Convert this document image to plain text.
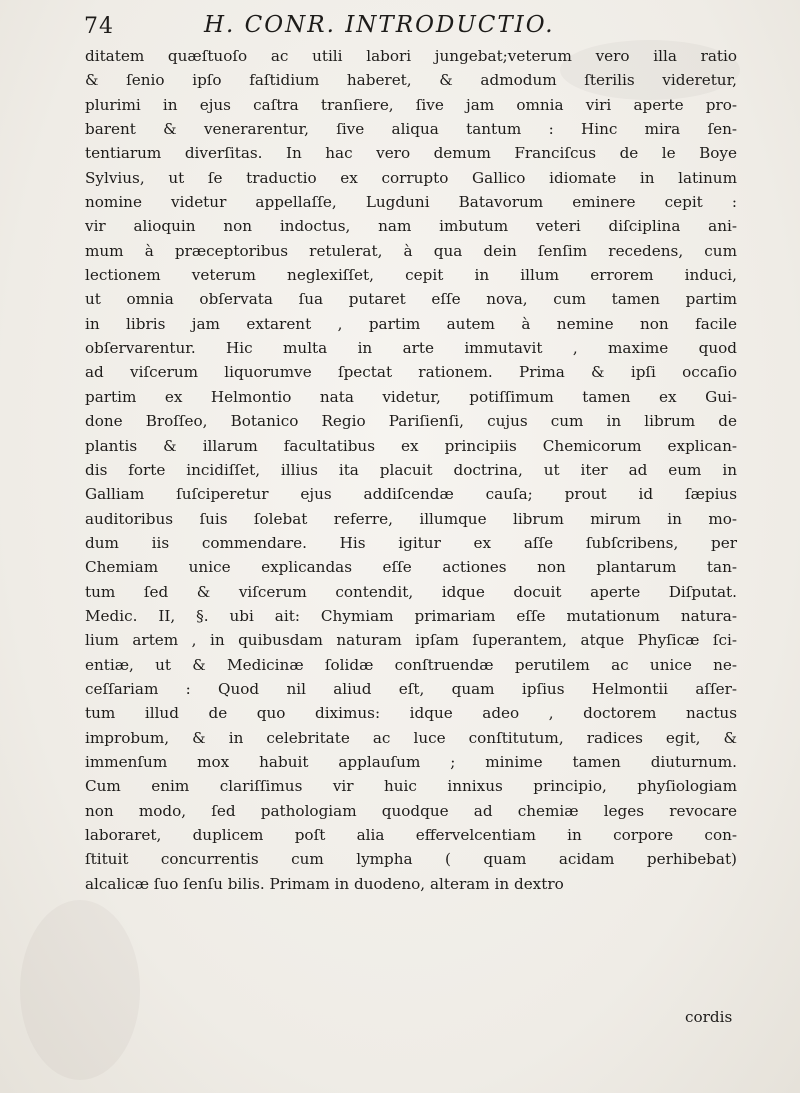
74	H. CONR. INTRODUCTIO.
ditatem quæſtuoſo ac utili labori jungebat;veterum vero illa ratio
& ſenio ipſo faſtidium haberet, & admodum ſterilis videretur,
plurimi in ejus caſtra tranſiere, ſive jam omnia viri aperte pro-
barent & venerarentur, ſive aliqua tantum : Hinc mira ſen-
tentiarum diverſitas. In hac vero demum Franciſcus de le Boye
Sylvius, ut ſe traductio ex corrupto Gallico idiomate in latinum
nomine videtur appellaſſe, Lugduni Batavorum eminere cepit :
vir alioquin non indoctus, nam imbutum veteri diſciplina ani-
mum à præceptoribus retulerat, à qua dein ſenſim recedens, cum
lectionem veterum neglexiſſet, cepit in illum errorem induci,
ut omnia obſervata ſua putaret eſſe nova, cum tamen partim
in libris jam extarent , partim autem à nemine non facile
obſervarentur. Hic multa in arte immutavit , maxime quod
ad viſcerum liquorumve ſpectat rationem. Prima & ipſi occaſio
partim ex Helmontio nata videtur, potiſſimum tamen ex Gui-
done Broſſeo, Botanico Regio Pariſienſi, cujus cum in librum de
plantis & illarum facultatibus ex principiis Chemicorum explican-
dis forte incidiſſet, illius ita placuit doctrina, ut iter ad eum in
Galliam ſuſciperetur ejus addiſcendæ cauſa; prout id ſæpius
auditoribus ſuis ſolebat referre, illumque librum mirum in mo-
dum iis commendare. His igitur ex aſſe ſubſcribens, per
Chemiam unice explicandas eſſe actiones non plantarum tan-
tum ſed & viſcerum contendit, idque docuit aperte Diſputat.
Medic. II, §. ubi ait: Chymiam primariam eſſe mutationum natura-
lium artem , in quibusdam naturam ipſam ſuperantem, atque Phyſicæ ſci-
entiæ, ut & Medicinæ ſolidæ conſtruendæ perutilem ac unice ne-
ceſſariam : Quod nil aliud eſt, quam ipſius Helmontii aſſer-
tum illud de quo diximus: idque adeo , doctorem nactus
improbum, & in celebritate ac luce conſtitutum, radices egit, &
immenſum mox habuit applauſum ; minime tamen diuturnum.
Cum enim clariſſimus vir huic innixus principio, phyſiologiam
non modo, ſed pathologiam quodque ad chemiæ leges revocare
laboraret, duplicem poſt alia effervelcentiam in corpore con-
ſtituit concurrentis cum lympha ( quam acidam perhibebat)
alcalicæ ſuo ſenſu bilis. Primam in duodeno, alteram in dextro
cordis
